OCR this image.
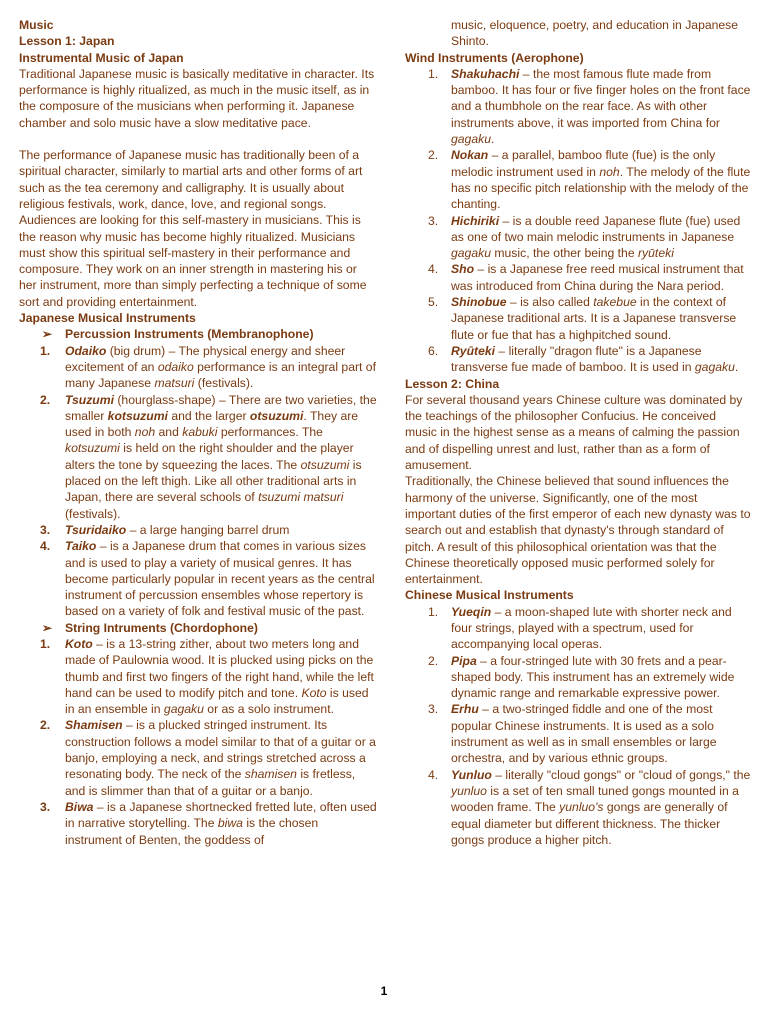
Music

Lesson 1: Japan

Instrumental Music of Japan

Traditional Japanese music is basically meditative in character. Its performance is highly ritualized, as much in the music itself, as in the composure of the musicians when performing it. Japanese chamber and solo music have a slow meditative pace.

The performance of Japanese music has traditionally been of a spiritual character, similarly to martial arts and other forms of art such as the tea ceremony and calligraphy. It is usually about religious festivals, work, dance, love, and regional songs. Audiences are looking for this self-mastery in musicians. This is the reason why music has become highly ritualized. Musicians must show this spiritual self-mastery in their performance and composure. They work on an inner strength in mastering his or her instrument, more than simply perfecting a technique of some sort and providing entertainment.

Japanese Musical Instruments

➢ Percussion Instruments (Membranophone)
1. Odaiko (big drum) – The physical energy and sheer excitement of an odaiko performance is an integral part of many Japanese matsuri (festivals).
2. Tsuzumi (hourglass-shape) – There are two varieties, the smaller kotsuzumi and the larger otsuzumi. They are used in both noh and kabuki performances. The kotsuzumi is held on the right shoulder and the player alters the tone by squeezing the laces. The otsuzumi is placed on the left thigh. Like all other traditional arts in Japan, there are several schools of tsuzumi matsuri (festivals).
3. Tsuridaiko – a large hanging barrel drum
4. Taiko – is a Japanese drum that comes in various sizes and is used to play a variety of musical genres. It has become particularly popular in recent years as the central instrument of percussion ensembles whose repertory is based on a variety of folk and festival music of the past.
➢ String Intruments (Chordophone)
1. Koto – is a 13-string zither, about two meters long and made of Paulownia wood. It is plucked using picks on the thumb and first two fingers of the right hand, while the left hand can be used to modify pitch and tone. Koto is used in an ensemble in gagaku or as a solo instrument.
2. Shamisen – is a plucked stringed instrument. Its construction follows a model similar to that of a guitar or a banjo, employing a neck, and strings stretched across a resonating body. The neck of the shamisen is fretless, and is slimmer than that of a guitar or a banjo.
3. Biwa – is a Japanese shortnecked fretted lute, often used in narrative storytelling. The biwa is the chosen instrument of Benten, the goddess of

music, eloquence, poetry, and education in Japanese Shinto.

Wind Instruments (Aerophone)

1. Shakuhachi – the most famous flute made from bamboo. It has four or five finger holes on the front face and a thumbhole on the rear face. As with other instruments above, it was imported from China for gagaku.
2. Nokan – a parallel, bamboo flute (fue) is the only melodic instrument used in noh. The melody of the flute has no specific pitch relationship with the melody of the chanting.
3. Hichiriki – is a double reed Japanese flute (fue) used as one of two main melodic instruments in Japanese gagaku music, the other being the ryūteki
4. Sho – is a Japanese free reed musical instrument that was introduced from China during the Nara period.
5. Shinobue – is also called takebue in the context of Japanese traditional arts. It is a Japanese transverse flute or fue that has a highpitched sound.
6. Ryūteki – literally "dragon flute" is a Japanese transverse fue made of bamboo. It is used in gagaku.

Lesson 2: China

For several thousand years Chinese culture was dominated by the teachings of the philosopher Confucius. He conceived music in the highest sense as a means of calming the passion and of dispelling unrest and lust, rather than as a form of amusement.

Traditionally, the Chinese believed that sound influences the harmony of the universe. Significantly, one of the most important duties of the first emperor of each new dynasty was to search out and establish that dynasty's through standard of pitch. A result of this philosophical orientation was that the Chinese theoretically opposed music performed solely for entertainment.

Chinese Musical Instruments

1. Yueqin – a moon-shaped lute with shorter neck and four strings, played with a spectrum, used for accompanying local operas.
2. Pipa – a four-stringed lute with 30 frets and a pear-shaped body. This instrument has an extremely wide dynamic range and remarkable expressive power.
3. Erhu – a two-stringed fiddle and one of the most popular Chinese instruments. It is used as a solo instrument as well as in small ensembles or large orchestra, and by various ethnic groups.
4. Yunluo – literally "cloud gongs" or "cloud of gongs," the yunluo is a set of ten small tuned gongs mounted in a wooden frame. The yunluo's gongs are generally of equal diameter but different thickness. The thicker gongs produce a higher pitch.
1
